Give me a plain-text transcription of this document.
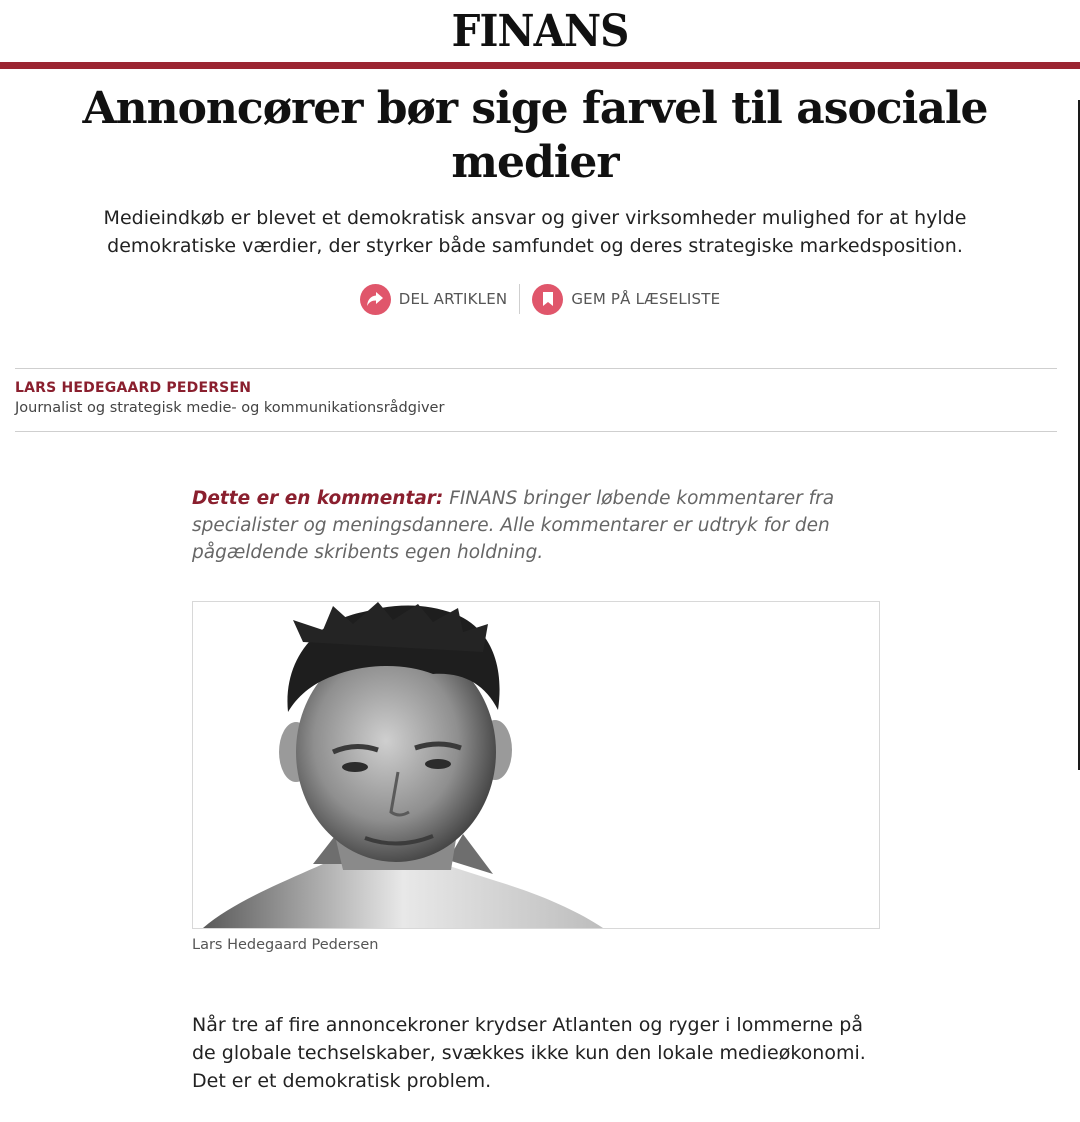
FINANS
Annoncører bør sige farvel til asociale medier

Medieindkøb er blevet et demokratisk ansvar og giver virksomheder mulighed for at hylde demokratiske værdier, der styrker både samfundet og deres strategiske markedsposition.

DEL ARTIKLEN	GEM PÅ LÆSELISTE

LARS HEDEGAARD PEDERSEN

Journalist og strategisk medie- og kommunikationsrådgiver

Dette er en kommentar: FINANS bringer løbende kommentarer fra specialister og meningsdannere. Alle kommentarer er udtryk for den pågældende skribents egen holdning.

Lars Hedegaard Pedersen

Når tre af fire annoncekroner krydser Atlanten og ryger i lommerne på de globale techselskaber, svækkes ikke kun den lokale medieøkonomi. Det er et demokratisk problem.
